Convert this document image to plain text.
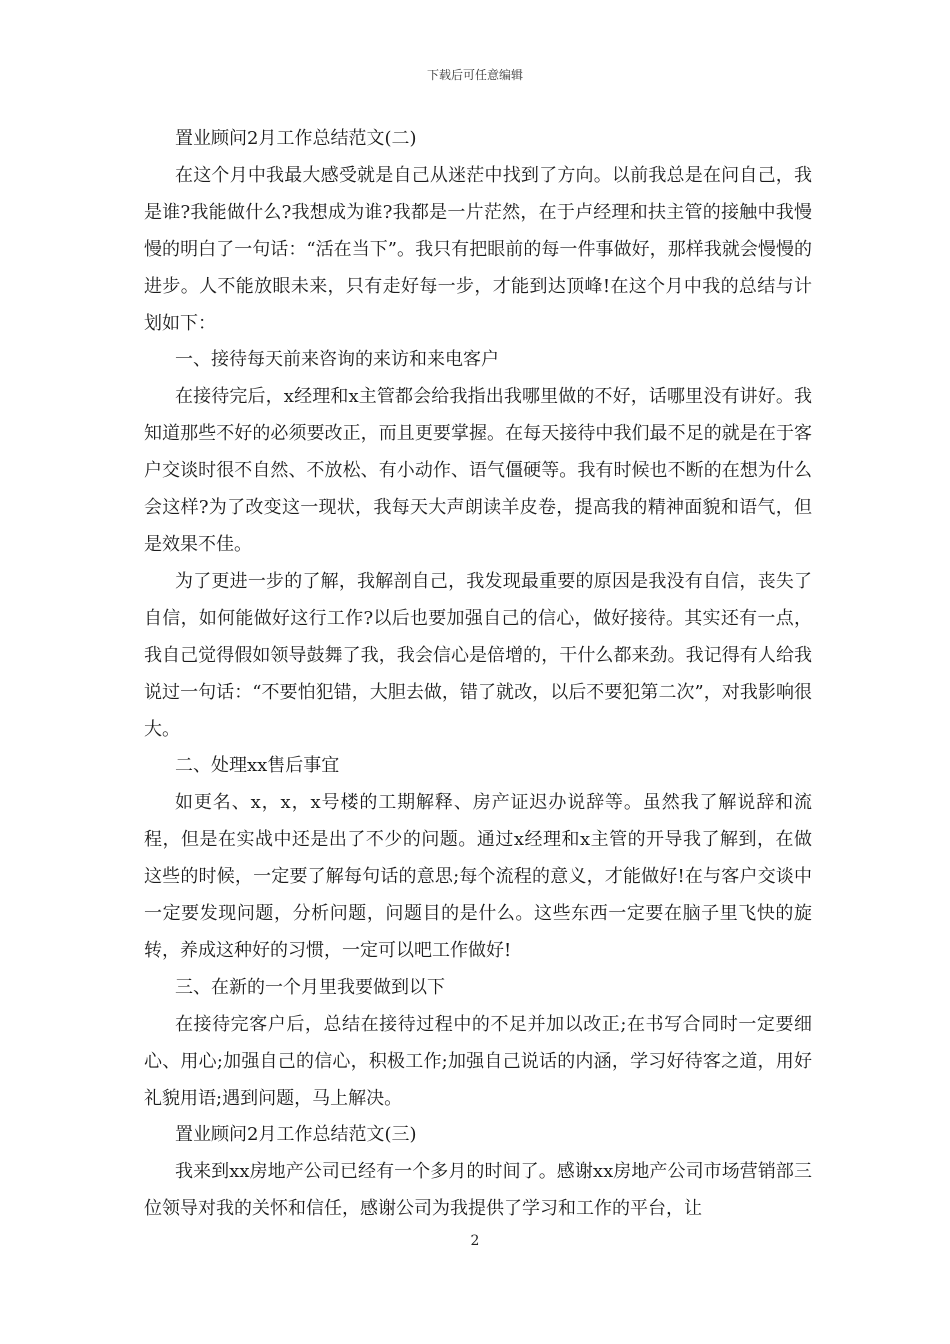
下载后可任意编辑

置业顾问2月工作总结范文(二)

在这个月中我最大感受就是自己从迷茫中找到了方向。以前我总是在问自己，我是谁?我能做什么?我想成为谁?我都是一片茫然，在于卢经理和扶主管的接触中我慢慢的明白了一句话：“活在当下”。我只有把眼前的每一件事做好，那样我就会慢慢的进步。人不能放眼未来，只有走好每一步，才能到达顶峰!在这个月中我的总结与计划如下：

一、接待每天前来咨询的来访和来电客户

在接待完后，x经理和x主管都会给我指出我哪里做的不好，话哪里没有讲好。我知道那些不好的必须要改正，而且更要掌握。在每天接待中我们最不足的就是在于客户交谈时很不自然、不放松、有小动作、语气僵硬等。我有时候也不断的在想为什么会这样?为了改变这一现状，我每天大声朗读羊皮卷，提高我的精神面貌和语气，但是效果不佳。

为了更进一步的了解，我解剖自己，我发现最重要的原因是我没有自信，丧失了自信，如何能做好这行工作?以后也要加强自己的信心，做好接待。其实还有一点，我自己觉得假如领导鼓舞了我，我会信心是倍增的，干什么都来劲。我记得有人给我说过一句话：“不要怕犯错，大胆去做，错了就改，以后不要犯第二次”，对我影响很大。

二、处理xx售后事宜

如更名、x，x，x号楼的工期解释、房产证迟办说辞等。虽然我了解说辞和流程，但是在实战中还是出了不少的问题。通过x经理和x主管的开导我了解到，在做这些的时候，一定要了解每句话的意思;每个流程的意义，才能做好!在与客户交谈中一定要发现问题，分析问题，问题目的是什么。这些东西一定要在脑子里飞快的旋转，养成这种好的习惯，一定可以吧工作做好!

三、在新的一个月里我要做到以下

在接待完客户后，总结在接待过程中的不足并加以改正;在书写合同时一定要细心、用心;加强自己的信心，积极工作;加强自己说话的内涵，学习好待客之道，用好礼貌用语;遇到问题，马上解决。

置业顾问2月工作总结范文(三)

我来到xx房地产公司已经有一个多月的时间了。感谢xx房地产公司市场营销部三位领导对我的关怀和信任，感谢公司为我提供了学习和工作的平台，让

2
